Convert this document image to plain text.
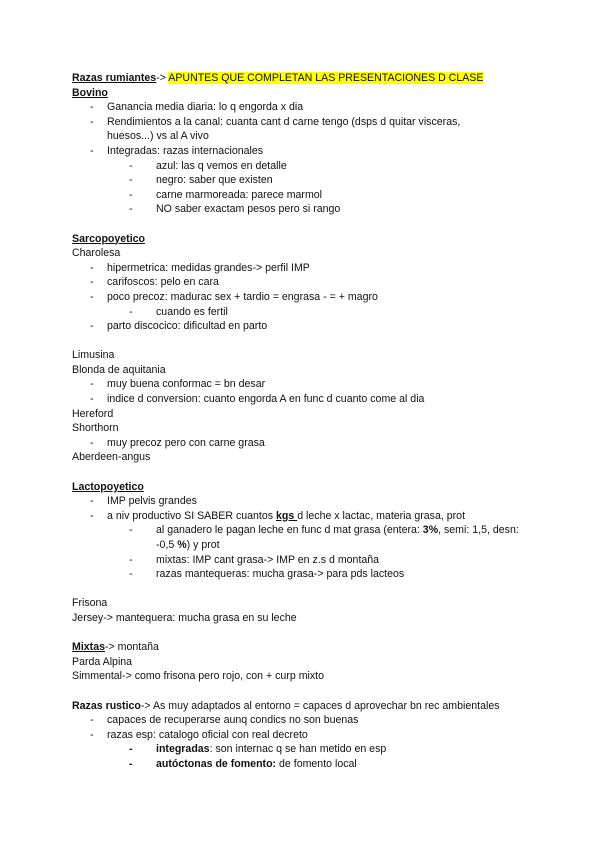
Razas rumiantes-> APUNTES QUE COMPLETAN LAS PRESENTACIONES D CLASE
Bovino
- Ganancia media diaria: lo q engorda x dia
- Rendimientos a la canal: cuanta cant d carne tengo (dsps d quitar visceras,
huesos...) vs al A vivo
- Integradas: razas internacionales
- azul: las q vemos en detalle
- negro: saber que existen
- carne marmoreada: parece marmol
- NO saber exactam pesos pero si rango
Sarcopoyetico
Charolesa
- hipermetrica: medidas grandes-> perfil IMP
- carifoscos: pelo en cara
- poco precoz: madurac sex + tardio = engrasa - = + magro
- cuando es fertil
- parto discocico: dificultad en parto
Limusina
Blonda de aquitania
- muy buena conformac = bn desar
- indice d conversion: cuanto engorda A en func d cuanto come al dia
Hereford
Shorthorn
- muy precoz pero con carne grasa
Aberdeen-angus
Lactopoyetico
- IMP pelvis grandes
- a niv productivo SI SABER cuantos kgs d leche x lactac, materia grasa, prot
- al ganadero le pagan leche en func d mat grasa (entera: 3%, semi: 1,5, desn:
-0,5 %) y prot
- mixtas: IMP cant grasa-> IMP en z.s d montaña
- razas mantequeras: mucha grasa-> para pds lacteos
Frisona
Jersey-> mantequera: mucha grasa en su leche
Mixtas-> montaña
Parda Alpina
Simmental-> como frisona pero rojo, con + curp mixto
Razas rustico-> As muy adaptados al entorno = capaces d aprovechar bn rec ambientales
- capaces de recuperarse aunq condics no son buenas
- razas esp: catalogo oficial con real decreto
- integradas: son internac q se han metido en esp
- autóctonas de fomento: de fomento local
